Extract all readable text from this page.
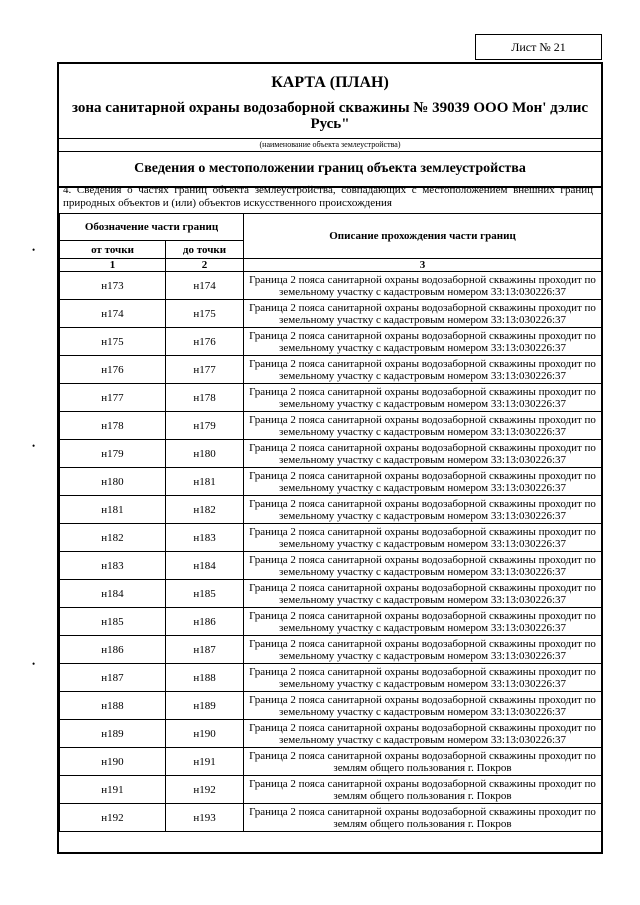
Лист № 21
•
•
•
КАРТА (ПЛАН)
зона санитарной охраны водозаборной скважины № 39039 ООО Мон' дэлис Русь"
(наименование объекта землеустройства)
Сведения о местоположении границ объекта землеустройства
4. Сведения о частях границ объекта землеустройства, совпадающих с местоположением внешних границ природных объектов и (или) объектов искусственного происхождения
Обозначение части границ		Описание прохождения части границ
от точки	до точки	
1	2	3
н173	н174	Граница 2 пояса санитарной охраны водозаборной скважины проходит по земельному участку с кадастровым номером 33:13:030226:37
н174	н175	Граница 2 пояса санитарной охраны водозаборной скважины проходит по земельному участку с кадастровым номером 33:13:030226:37
н175	н176	Граница 2 пояса санитарной охраны водозаборной скважины проходит по земельному участку с кадастровым номером 33:13:030226:37
н176	н177	Граница 2 пояса санитарной охраны водозаборной скважины проходит по земельному участку с кадастровым номером 33:13:030226:37
н177	н178	Граница 2 пояса санитарной охраны водозаборной скважины проходит по земельному участку с кадастровым номером 33:13:030226:37
н178	н179	Граница 2 пояса санитарной охраны водозаборной скважины проходит по земельному участку с кадастровым номером 33:13:030226:37
н179	н180	Граница 2 пояса санитарной охраны водозаборной скважины проходит по земельному участку с кадастровым номером 33:13:030226:37
н180	н181	Граница 2 пояса санитарной охраны водозаборной скважины проходит по земельному участку с кадастровым номером 33:13:030226:37
н181	н182	Граница 2 пояса санитарной охраны водозаборной скважины проходит по земельному участку с кадастровым номером 33:13:030226:37
н182	н183	Граница 2 пояса санитарной охраны водозаборной скважины проходит по земельному участку с кадастровым номером 33:13:030226:37
н183	н184	Граница 2 пояса санитарной охраны водозаборной скважины проходит по земельному участку с кадастровым номером 33:13:030226:37
н184	н185	Граница 2 пояса санитарной охраны водозаборной скважины проходит по земельному участку с кадастровым номером 33:13:030226:37
н185	н186	Граница 2 пояса санитарной охраны водозаборной скважины проходит по земельному участку с кадастровым номером 33:13:030226:37
н186	н187	Граница 2 пояса санитарной охраны водозаборной скважины проходит по земельному участку с кадастровым номером 33:13:030226:37
н187	н188	Граница 2 пояса санитарной охраны водозаборной скважины проходит по земельному участку с кадастровым номером 33:13:030226:37
н188	н189	Граница 2 пояса санитарной охраны водозаборной скважины проходит по земельному участку с кадастровым номером 33:13:030226:37
н189	н190	Граница 2 пояса санитарной охраны водозаборной скважины проходит по земельному участку с кадастровым номером 33:13:030226:37
н190	н191	Граница 2 пояса санитарной охраны водозаборной скважины проходит по землям общего пользования г. Покров
н191	н192	Граница 2 пояса санитарной охраны водозаборной скважины проходит по землям общего пользования г. Покров
н192	н193	Граница 2 пояса санитарной охраны водозаборной скважины проходит по землям общего пользования г. Покров
